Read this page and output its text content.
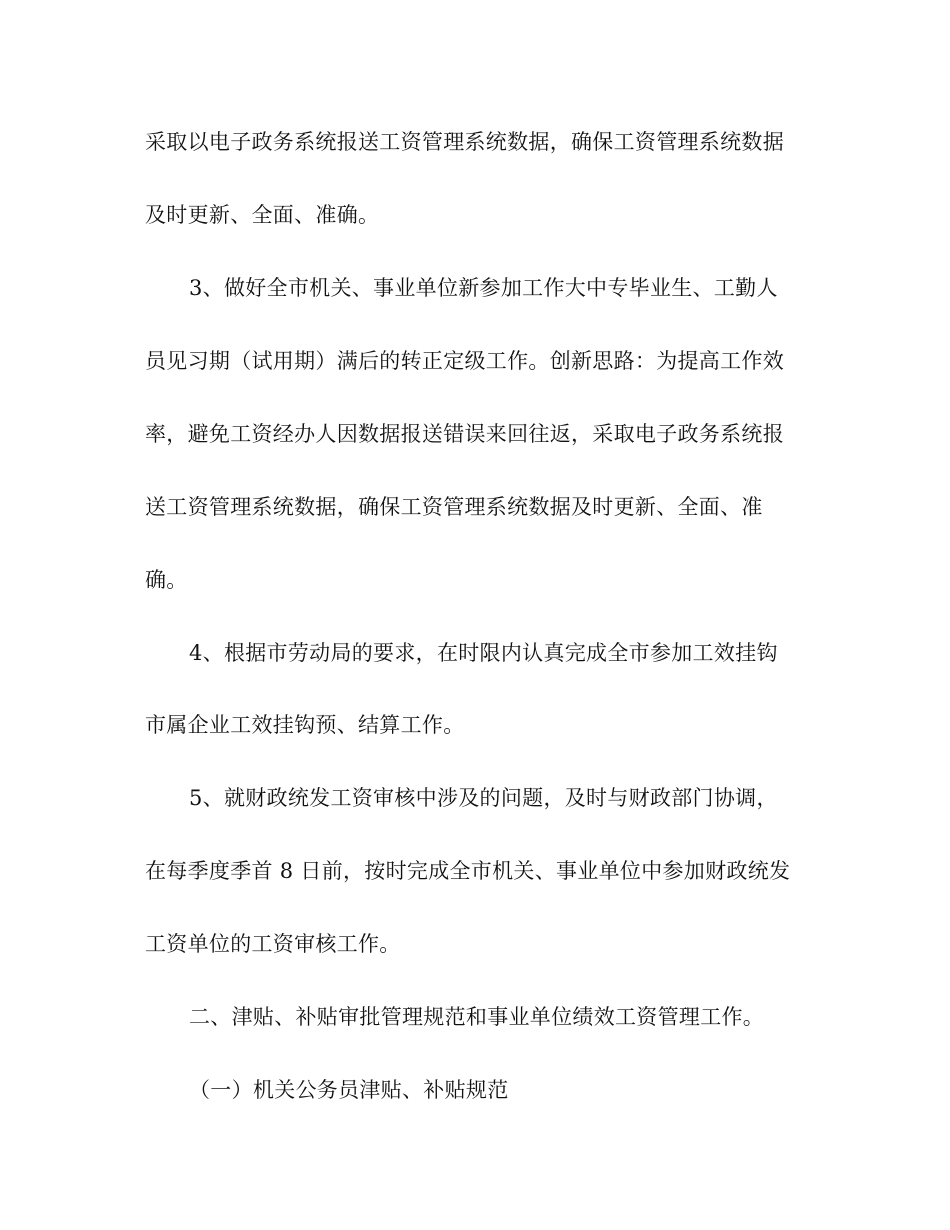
采取以电子政务系统报送工资管理系统数据，确保工资管理系统数据
及时更新、全面、准确。
3、做好全市机关、事业单位新参加工作大中专毕业生、工勤人
员见习期（试用期）满后的转正定级工作。创新思路：为提高工作效
率，避免工资经办人因数据报送错误来回往返，采取电子政务系统报
送工资管理系统数据，确保工资管理系统数据及时更新、全面、准
确。
4、根据市劳动局的要求，在时限内认真完成全市参加工效挂钩
市属企业工效挂钩预、结算工作。
5、就财政统发工资审核中涉及的问题，及时与财政部门协调，
在每季度季首 8 日前，按时完成全市机关、事业单位中参加财政统发
工资单位的工资审核工作。
二、津贴、补贴审批管理规范和事业单位绩效工资管理工作。
（一）机关公务员津贴、补贴规范
